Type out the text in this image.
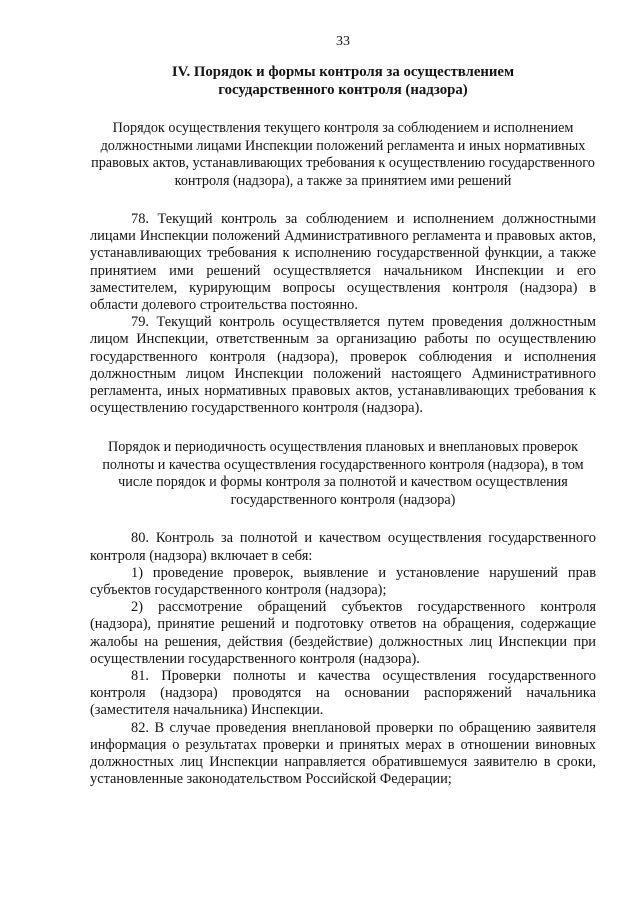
33

IV. Порядок и формы контроля за осуществлением
государственного контроля (надзора)

Порядок осуществления текущего контроля за соблюдением и исполнением должностными лицами Инспекции положений регламента и иных нормативных правовых актов, устанавливающих требования к осуществлению государственного контроля (надзора), а также за принятием ими решений

78. Текущий контроль за соблюдением и исполнением должностными лицами Инспекции положений Административного регламента и правовых актов, устанавливающих требования к исполнению государственной функции, а также принятием ими решений осуществляется начальником Инспекции и его заместителем, курирующим вопросы осуществления контроля (надзора) в области долевого строительства постоянно.

79. Текущий контроль осуществляется путем проведения должностным лицом Инспекции, ответственным за организацию работы по осуществлению государственного контроля (надзора), проверок соблюдения и исполнения должностным лицом Инспекции положений настоящего Административного регламента, иных нормативных правовых актов, устанавливающих требования к осуществлению государственного контроля (надзора).

Порядок и периодичность осуществления плановых и внеплановых проверок полноты и качества осуществления государственного контроля (надзора), в том числе порядок и формы контроля за полнотой и качеством осуществления государственного контроля (надзора)

80. Контроль за полнотой и качеством осуществления государственного контроля (надзора) включает в себя:

1) проведение проверок, выявление и установление нарушений прав субъектов государственного контроля (надзора);

2) рассмотрение обращений субъектов государственного контроля (надзора), принятие решений и подготовку ответов на обращения, содержащие жалобы на решения, действия (бездействие) должностных лиц Инспекции при осуществлении государственного контроля (надзора).

81. Проверки полноты и качества осуществления государственного контроля (надзора) проводятся на основании распоряжений начальника (заместителя начальника) Инспекции.

82. В случае проведения внеплановой проверки по обращению заявителя информация о результатах проверки и принятых мерах в отношении виновных должностных лиц Инспекции направляется обратившемуся заявителю в сроки, установленные законодательством Российской Федерации;
